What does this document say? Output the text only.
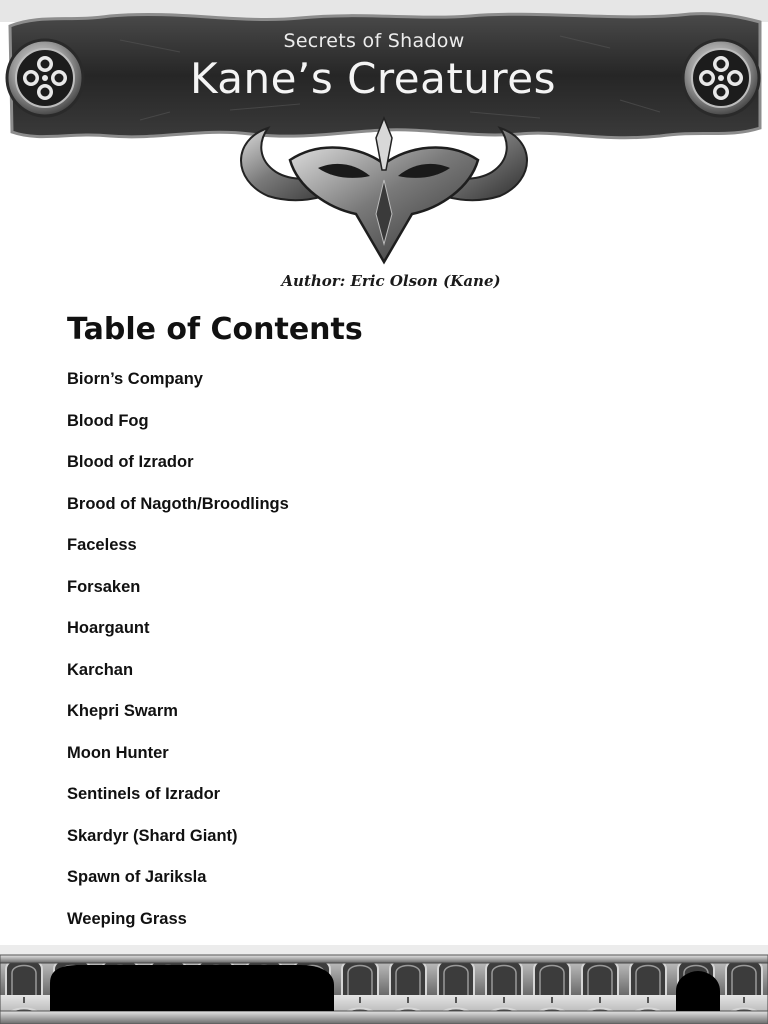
Secrets of Shadow
Kane’s Creatures
Author: Eric Olson (Kane)
Table of Contents
Biorn’s Company
Blood Fog
Blood of Izrador
Brood of Nagoth/Broodlings
Faceless
Forsaken
Hoargaunt
Karchan
Khepri Swarm
Moon Hunter
Sentinels of Izrador
Skardyr (Shard Giant)
Spawn of Jariksla
Weeping Grass
